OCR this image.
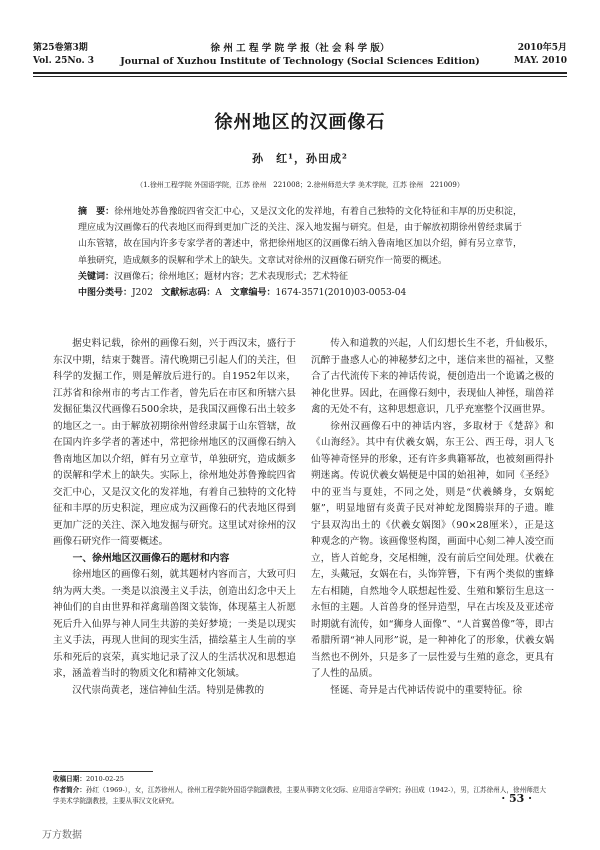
第25卷第3期
Vol. 25No. 3
徐 州 工 程 学 院 学 报（社 会 科 学 版）
Journal of Xuzhou Institute of Technology (Social Sciences Edition)
2010年5月
MAY. 2010
徐州地区的汉画像石
孙　红¹，孙田成²
（1.徐州工程学院 外国语学院，江苏 徐州　221008；2.徐州师范大学 美术学院，江苏 徐州　221009）
摘　要：徐州地处苏鲁豫皖四省交汇中心，又是汉文化的发祥地，有着自己独特的文化特征和丰厚的历史积淀，理应成为汉画像石的代表地区而得到更加广泛的关注、深入地发掘与研究。但是，由于解放初期徐州曾经隶属于山东管辖，故在国内许多专家学者的著述中，常把徐州地区的汉画像石纳入鲁南地区加以介绍，鲜有另立章节，单独研究，造成颇多的误解和学术上的缺失。文章试对徐州的汉画像石研究作一简要的概述。
关键词：汉画像石；徐州地区；题材内容；艺术表现形式；艺术特征
中图分类号：J202 文献标志码：A 文章编号：1674-3571(2010)03-0053-04

据史料记载，徐州的画像石刻，兴于西汉末，盛行于东汉中期，结束于魏晋。清代晚期已引起人们的关注，但科学的发掘工作，则是解放后进行的。自1952年以来，江苏省和徐州市的考古工作者，曾先后在市区和所辖六县发掘征集汉代画像石500余块，是我国汉画像石出土较多的地区之一。由于解放初期徐州曾经隶属于山东管辖，故在国内许多学者的著述中，常把徐州地区的汉画像石纳入鲁南地区加以介绍，鲜有另立章节，单独研究，造成颇多的误解和学术上的缺失。实际上，徐州地处苏鲁豫皖四省交汇中心，又是汉文化的发祥地，有着自己独特的文化特征和丰厚的历史积淀，理应成为汉画像石的代表地区得到更加广泛的关注、深入地发掘与研究。这里试对徐州的汉画像石研究作一简要概述。

一、徐州地区汉画像石的题材和内容

徐州地区的画像石刻，就其题材内容而言，大致可归纳为两大类。一类是以浪漫主义手法，创造出幻念中天上神仙们的自由世界和祥禽瑞兽图文装饰，体现墓主人祈愿死后升入仙界与神人同生共游的美好梦境；一类是以现实主义手法，再现人世间的现实生活，描绘墓主人生前的享乐和死后的哀荣，真实地记录了汉人的生活状况和思想追求，涵盖着当时的物质文化和精神文化领域。

汉代崇尚黄老，迷信神仙生活。特别是佛教的

传入和道教的兴起，人们幻想长生不老，升仙极乐，沉醉于蛊惑人心的神秘梦幻之中，迷信来世的福祉，又整合了古代流传下来的神话传说，便创造出一个诡谲之极的神化世界。因此，在画像石刻中，表现仙人神怪，瑞兽祥禽的无处不有，这种思想意识，几乎充塞整个汉画世界。

徐州汉画像石中的神话内容，多取材于《楚辞》和《山海经》。其中有伏羲女娲，东王公、西王母，羽人飞仙等神奇怪异的形象，还有许多典籍幂故，也被刻画得扑朔迷离。传说伏羲女娲便是中国的始祖神，如同《圣经》中的亚当与夏娃，不同之处，则是“伏羲鳞身，女娲蛇躯”，明显地留有炎黄子民对神蛇龙图腾崇拜的子遗。睢宁县双沟出土的《伏羲女娲图》（90×28厘米），正是这种观念的产物。该画像竖构图，画面中心刻二神人凌空而立，皆人首蛇身，交尾相缠，没有前后空间处理。伏羲在左，头戴冠，女娲在右，头饰笄簪，下有两个类似的蜜蜂左右相随，自然地令人联想起性爱、生殖和繁衍生息这一永恒的主题。人首兽身的怪异造型，早在古埃及及亚述帝时期就有流传，如“狮身人面像”、“人首翼兽像”等，即古希腊所谓“神人同形”说，是一种神化了的形象，伏羲女娲当然也不例外，只是多了一层性爱与生殖的意念，更具有了人性的品质。

怪诞、奇异是古代神话传说中的重要特征。徐

收稿日期：2010-02-25
作者简介：孙红（1969-），女，江苏徐州人，徐州工程学院外国语学院副教授，主要从事跨文化交际、应用语言学研究；孙田成（1942-），男，江苏徐州人，徐州师范大学美术学院副教授，主要从事汉文化研究。	· 53 ·
万方数据
